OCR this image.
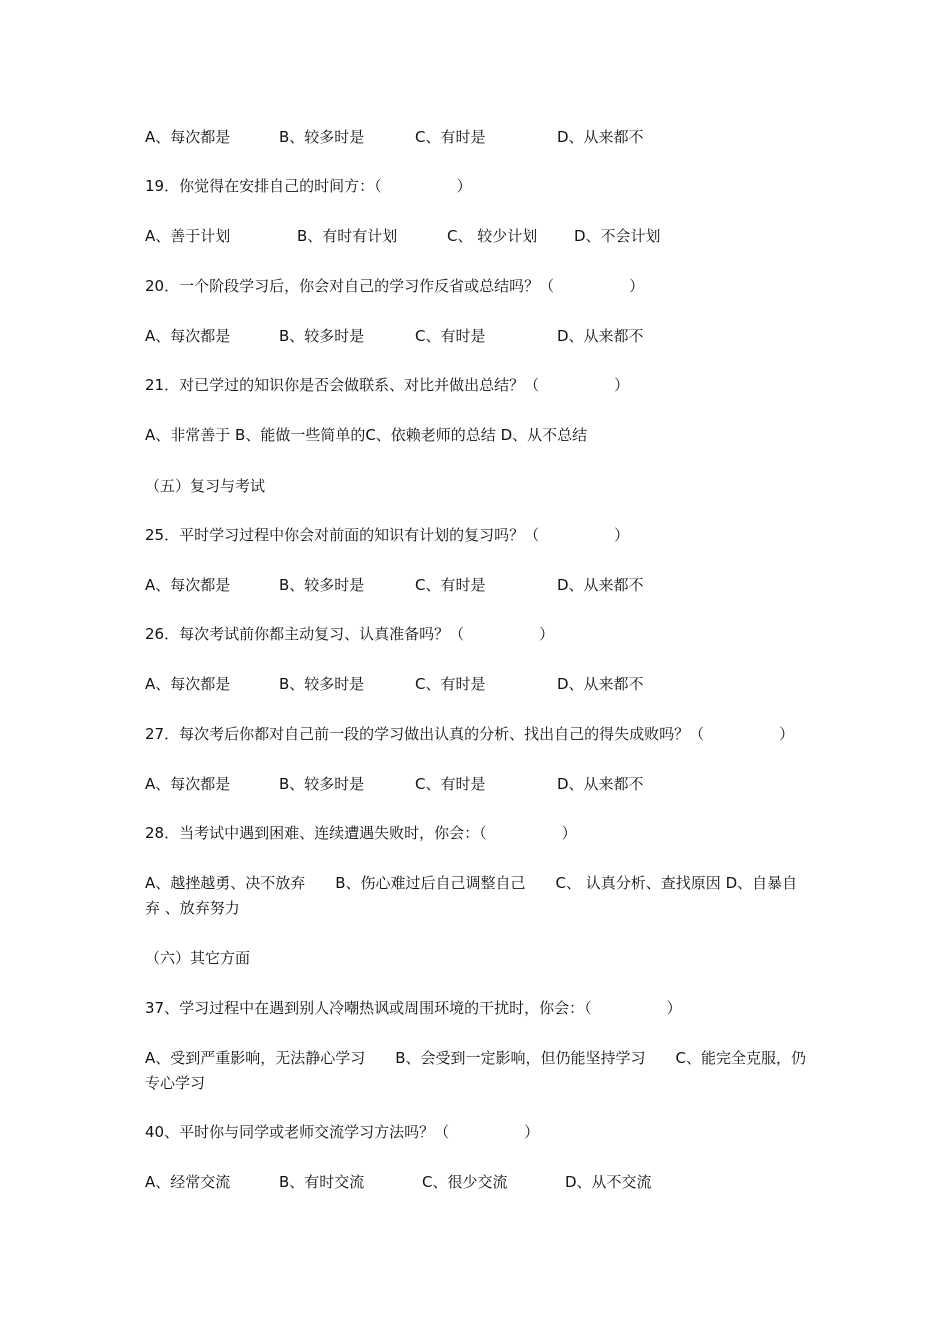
A、每次都是	B、较多时是	C、有时是	D、从来都不
19．你觉得在安排自己的时间方：（　　　　　）
A、善于计划	B、有时有计划	C、 较少计划 D、不会计划
20．一个阶段学习后，你会对自己的学习作反省或总结吗？（　　　　　）
A、每次都是	B、较多时是	C、有时是	D、从来都不
21．对已学过的知识你是否会做联系、对比并做出总结？（　　　　　）
A、非常善于 B、能做一些简单的C、依赖老师的总结 D、从不总结
（五）复习与考试
25．平时学习过程中你会对前面的知识有计划的复习吗？（　　　　　）
A、每次都是	B、较多时是	C、有时是	D、从来都不
26．每次考试前你都主动复习、认真准备吗？（　　　　　）
A、每次都是	B、较多时是	C、有时是	D、从来都不
27．每次考后你都对自己前一段的学习做出认真的分析、找出自己的得失成败吗？（　　　　　）
A、每次都是	B、较多时是	C、有时是	D、从来都不
28．当考试中遇到困难、连续遭遇失败时，你会：（　　　　　）
A、越挫越勇、决不放弃　　B、伤心难过后自己调整自己　　C、 认真分析、查找原因 D、自暴自弃 、放弃努力
（六）其它方面
37、学习过程中在遇到别人冷嘲热讽或周围环境的干扰时，你会：（　　　　　）
A、受到严重影响，无法静心学习　　B、会受到一定影响，但仍能坚持学习　　C、能完全克服，仍专心学习
40、平时你与同学或老师交流学习方法吗？（　　　　　）
A、经常交流	B、有时交流	C、很少交流	D、从不交流
